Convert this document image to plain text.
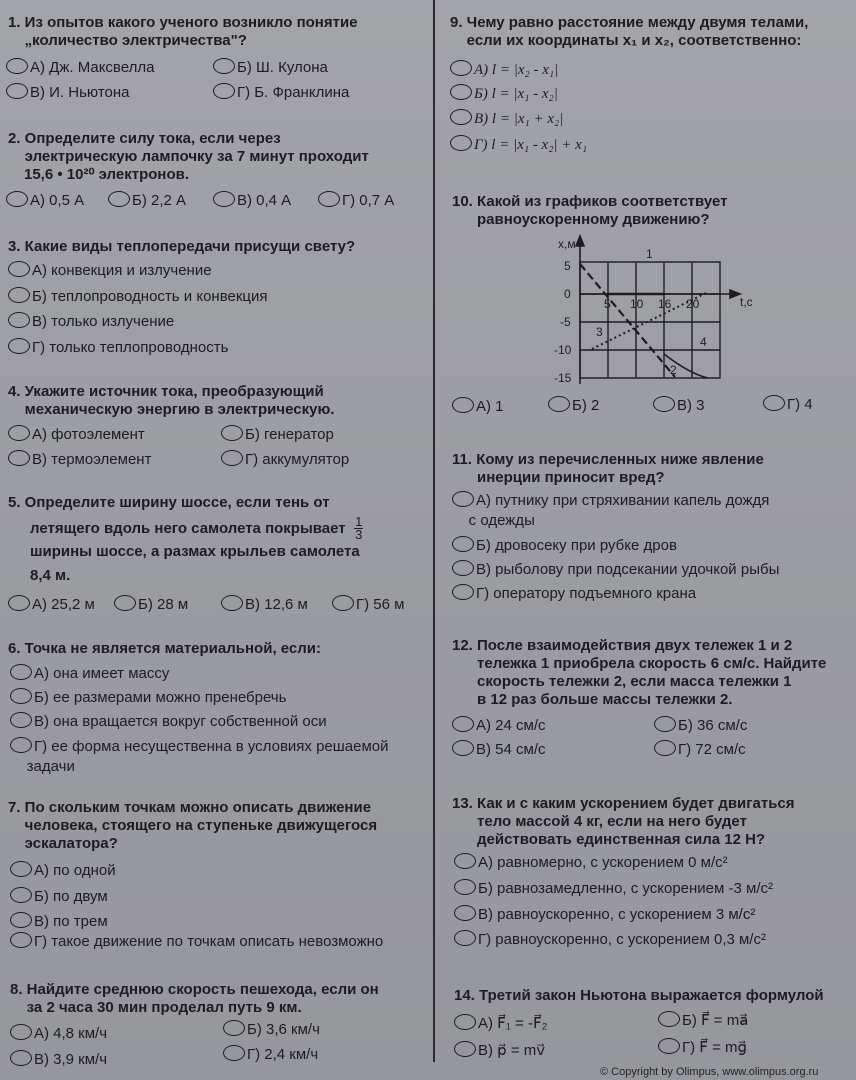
1. Из опытов какого ученого возникло понятие
„количество электричества"?
А) Дж. Максвелла	Б) Ш. Кулона
В) И. Ньютона	Г) Б. Франклина
2. Определите силу тока, если через
электрическую лампочку за 7 минут проходит
15,6 • 10²⁰ электронов.
А) 0,5 А	Б) 2,2 А	В) 0,4 А	Г) 0,7 А
3. Какие виды теплопередачи присущи свету?
А) конвекция и излучение
Б) теплопроводность и конвекция
В) только излучение
Г) только теплопроводность
4. Укажите источник тока, преобразующий
механическую энергию в электрическую.
А) фотоэлемент	Б) генератор
В) термоэлемент	Г) аккумулятор
5. Определите ширину шоссе, если тень от
летящего вдоль него самолета покрывает $\frac{1}{3}$
ширины шоссе, а размах крыльев самолета
8,4 м.
А) 25,2 м	Б) 28 м	В) 12,6 м	Г) 56 м
6. Точка не является материальной, если:
А) она имеет массу
Б) ее размерами можно пренебречь
В) она вращается вокруг собственной оси
Г) ее форма несущественна в условиях решаемой
задачи
7. По скольким точкам можно описать движение
человека, стоящего на ступеньке движущегося
эскалатора?
А) по одной
Б) по двум
В) по трем
Г) такое движение по точкам описать невозможно
8. Найдите среднюю скорость пешехода, если он
за 2 часа 30 мин проделал путь 9 км.
А) 4,8 км/ч	Б) 3,6 км/ч
В) 3,9 км/ч	Г) 2,4 км/ч
9. Чему равно расстояние между двумя телами,
если их координаты x₁ и x₂, соответственно:
А) l = |x₂ - x₁|
Б) l = |x₁ - x₂|
В) l = |x₁ + x₂|
Г) l = |x₁ - x₂| + x₁
10. Какой из графиков соответствует
равноускоренному движению?
x,м
t,с
5
0
-5
-10
-15
5 10 16 20
1
2
3
4
А) 1	Б) 2	В) 3	Г) 4
11. Кому из перечисленных ниже явление
инерции приносит вред?
А) путнику при стряхивании капель дождя
с одежды
Б) дровосеку при рубке дров
В) рыболову при подсекании удочкой рыбы
Г) оператору подъемного крана
12. После взаимодействия двух тележек 1 и 2
тележка 1 приобрела скорость 6 см/с. Найдите
скорость тележки 2, если масса тележки 1
в 12 раз больше массы тележки 2.
А) 24 см/с	Б) 36 см/с
В) 54 см/с	Г) 72 см/с
13. Как и с каким ускорением будет двигаться
тело массой 4 кг, если на него будет
действовать единственная сила 12 Н?
А) равномерно, с ускорением 0 м/с²
Б) равнозамедленно, с ускорением -3 м/с²
В) равноускоренно, с ускорением 3 м/с²
Г) равноускоренно, с ускорением 0,3 м/с²
14. Третий закон Ньютона выражается формулой
А) F⃗₁ = -F⃗₂	Б) F⃗ = ma⃗
В) p⃗ = mv⃗	Г) F⃗ = mg⃗
© Copyright by Olimpus, www.olimpus.org.ru
